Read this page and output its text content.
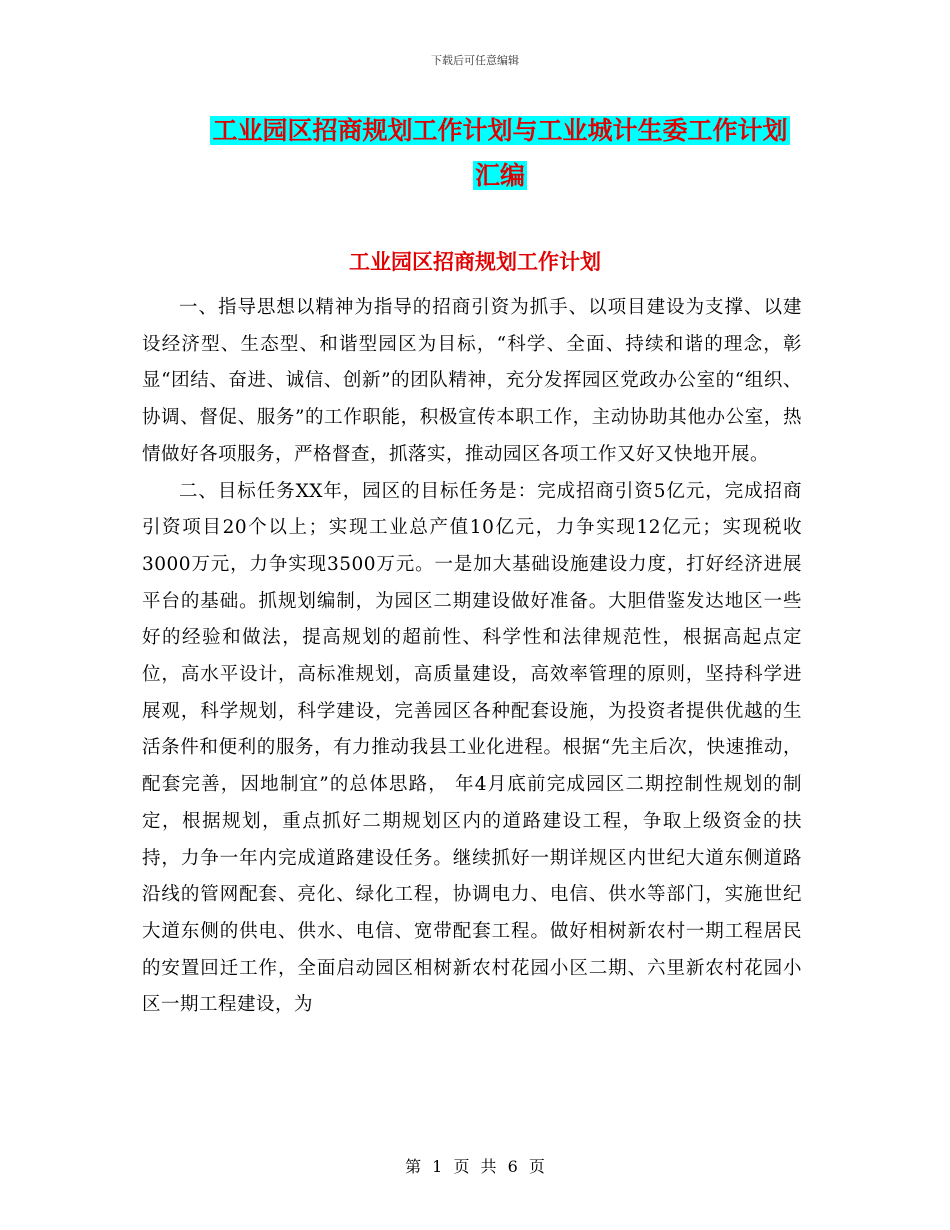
下载后可任意编辑
工业园区招商规划工作计划与工业城计生委工作计划
汇编
工业园区招商规划工作计划

一、指导思想以精神为指导的招商引资为抓手、以项目建设为支撑、以建设经济型、生态型、和谐型园区为目标，“科学、全面、持续和谐的理念，彰显“团结、奋进、诚信、创新”的团队精神，充分发挥园区党政办公室的“组织、协调、督促、服务”的工作职能，积极宣传本职工作，主动协助其他办公室，热情做好各项服务，严格督查，抓落实，推动园区各项工作又好又快地开展。

二、目标任务XX年，园区的目标任务是：完成招商引资5亿元，完成招商引资项目20个以上；实现工业总产值10亿元，力争实现12亿元；实现税收3000万元，力争实现3500万元。一是加大基础设施建设力度，打好经济进展平台的基础。抓规划编制，为园区二期建设做好准备。大胆借鉴发达地区一些好的经验和做法，提高规划的超前性、科学性和法律规范性，根据高起点定位，高水平设计，高标准规划，高质量建设，高效率管理的原则，坚持科学进展观，科学规划，科学建设，完善园区各种配套设施，为投资者提供优越的生活条件和便利的服务，有力推动我县工业化进程。根据“先主后次，快速推动，配套完善，因地制宜”的总体思路， 年4月底前完成园区二期控制性规划的制定，根据规划，重点抓好二期规划区内的道路建设工程，争取上级资金的扶持，力争一年内完成道路建设任务。继续抓好一期详规区内世纪大道东侧道路沿线的管网配套、亮化、绿化工程，协调电力、电信、供水等部门，实施世纪大道东侧的供电、供水、电信、宽带配套工程。做好相树新农村一期工程居民的安置回迁工作，全面启动园区相树新农村花园小区二期、六里新农村花园小区一期工程建设，为

第 1 页 共 6 页
